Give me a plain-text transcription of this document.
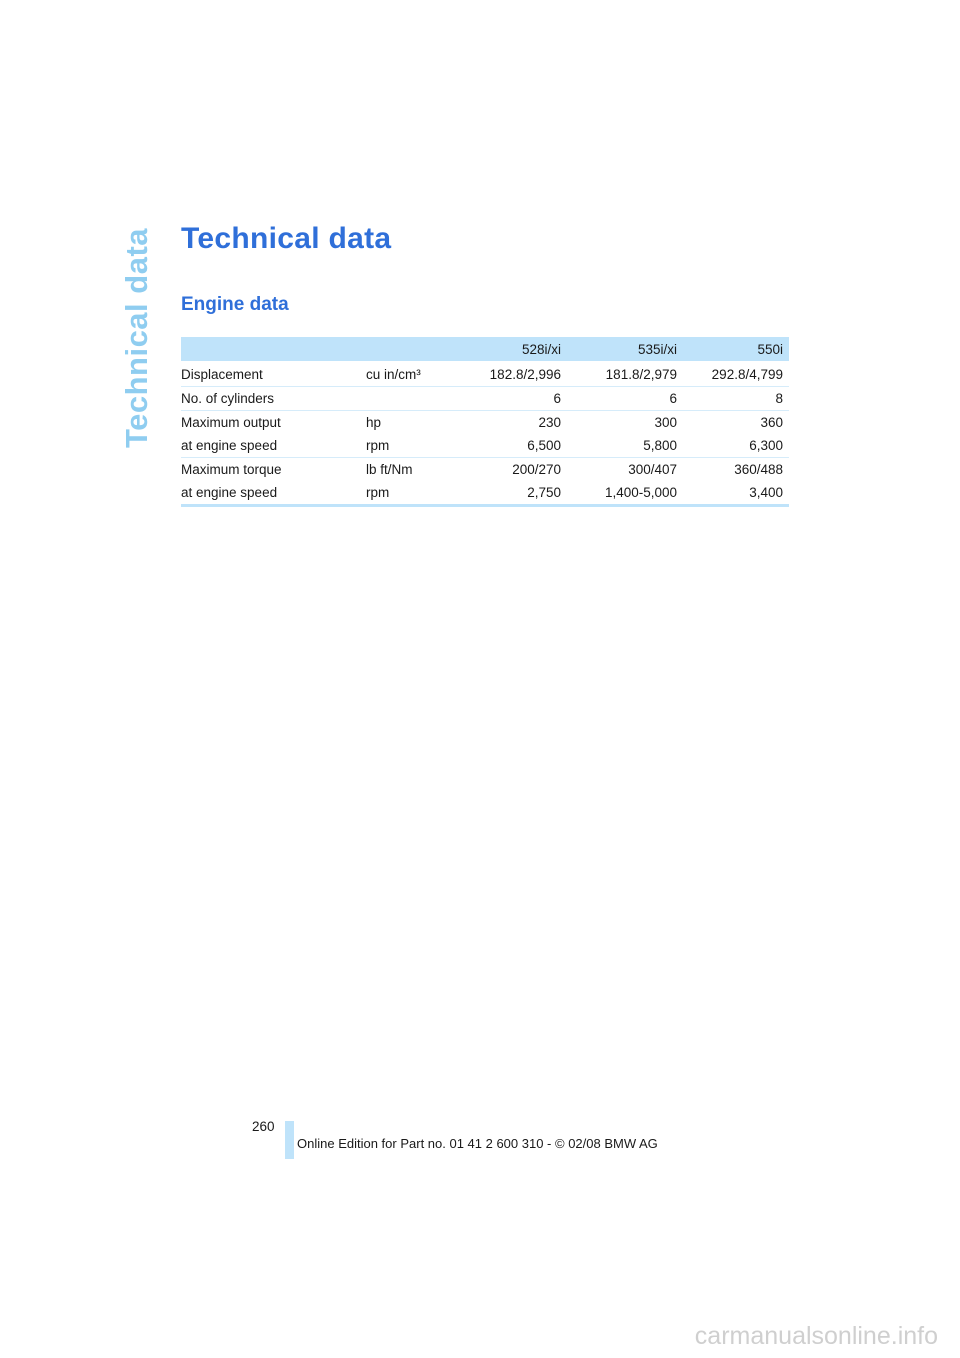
Technical data Technical data
Engine data
		528i/xi	535i/xi	550i
Displacement	cu in/cm³	182.8/2,996	181.8/2,979	292.8/4,799
No. of cylinders		6	6	8
Maximum output	hp	230	300	360
at engine speed	rpm	6,500	5,800	6,300
Maximum torque	lb ft/Nm	200/270	300/407	360/488
at engine speed	rpm	2,750	1,400-5,000	3,400
260
Online Edition for Part no. 01 41 2 600 310 - © 02/08 BMW AG
carmanualsonline.info
